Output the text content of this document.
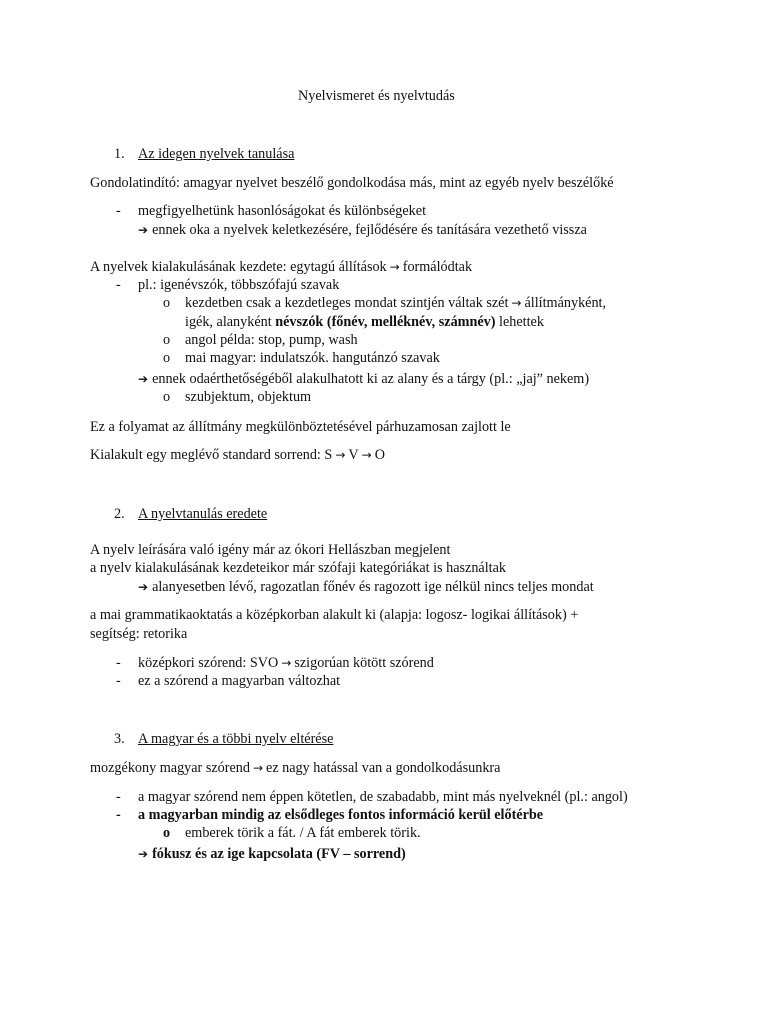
Nyelvismeret és nyelvtudás
1. Az idegen nyelvek tanulása
Gondolatindító: amagyar nyelvet beszélő gondolkodása más, mint az egyéb nyelv beszélőké
- megfigyelhetünk hasonlóságokat és különbségeket
➔ ennek oka a nyelvek keletkezésére, fejlődésére és tanítására vezethető vissza
A nyelvek kialakulásának kezdete: egytagú állítások → formálódtak
- pl.: igenévszók, többszófajú szavak
o kezdetben csak a kezdetleges mondat szintjén váltak szét → állítmányként,
igék, alanyként névszók (főnév, melléknév, számnév) lehettek
o angol példa: stop, pump, wash
o mai magyar: indulatszók. hangutánzó szavak
➔ ennek odaérthetőségéből alakulhatott ki az alany és a tárgy (pl.: „jaj” nekem)
o szubjektum, objektum
Ez a folyamat az állítmány megkülönböztetésével párhuzamosan zajlott le
Kialakult egy meglévő standard sorrend: S → V → O
2. A nyelvtanulás eredete
A nyelv leírására való igény már az ókori Hellászban megjelent
a nyelv kialakulásának kezdeteikor már szófaji kategóriákat is használtak
➔ alanyesetben lévő, ragozatlan főnév és ragozott ige nélkül nincs teljes mondat
a mai grammatikaoktatás a középkorban alakult ki (alapja: logosz- logikai állítások) +
segítség: retorika
- középkori szórend: SVO → szigorúan kötött szórend
- ez a szórend a magyarban változhat
3. A magyar és a többi nyelv eltérése
mozgékony magyar szórend → ez nagy hatással van a gondolkodásunkra
- a magyar szórend nem éppen kötetlen, de szabadabb, mint más nyelveknél (pl.: angol)
- a magyarban mindig az elsődleges fontos információ kerül előtérbe
o emberek törik a fát. / A fát emberek törik.
➔ fókusz és az ige kapcsolata (FV – sorrend)
